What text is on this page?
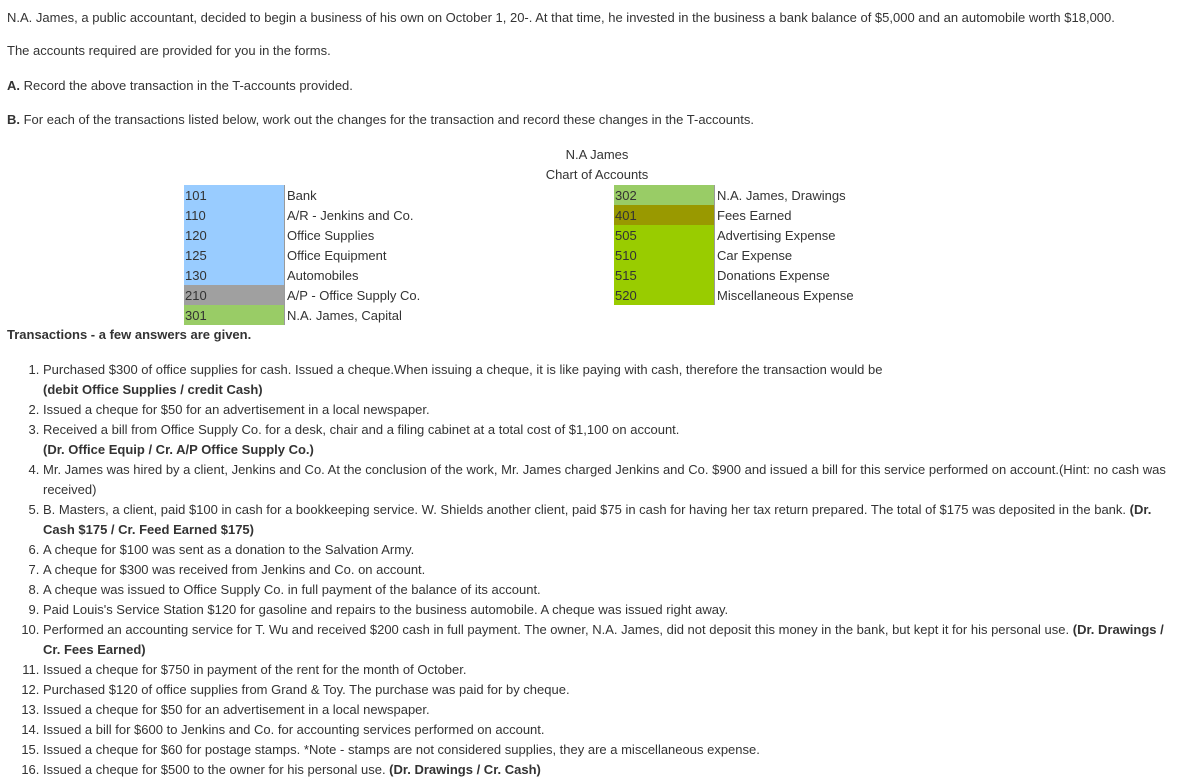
N.A. James, a public accountant, decided to begin a business of his own on October 1, 20-. At that time, he invested in the business a bank balance of $5,000 and an automobile worth $18,000.

The accounts required are provided for you in the forms.

A. Record the above transaction in the T-accounts provided.

B. For each of the transactions listed below, work out the changes for the transaction and record these changes in the T-accounts.

N.A James

Chart of Accounts

101	Bank
110	A/R - Jenkins and Co.
120	Office Supplies
125	Office Equipment
130	Automobiles
210	A/P - Office Supply Co.
301	N.A. James, Capital
302	N.A. James, Drawings
401	Fees Earned
505	Advertising Expense
510	Car Expense
515	Donations Expense
520	Miscellaneous Expense

Transactions - a few answers are given.

1. Purchased $300 of office supplies for cash. Issued a cheque.When issuing a cheque, it is like paying with cash, therefore the transaction would be
(debit Office Supplies / credit Cash)
2. Issued a cheque for $50 for an advertisement in a local newspaper.
3. Received a bill from Office Supply Co. for a desk, chair and a filing cabinet at a total cost of $1,100 on account.
(Dr. Office Equip / Cr. A/P Office Supply Co.)
4. Mr. James was hired by a client, Jenkins and Co. At the conclusion of the work, Mr. James charged Jenkins and Co. $900 and issued a bill for this service performed on account.(Hint: no cash was received)
5. B. Masters, a client, paid $100 in cash for a bookkeeping service. W. Shields another client, paid $75 in cash for having her tax return prepared. The total of $175 was deposited in the bank. (Dr. Cash $175 / Cr. Feed Earned $175)
6. A cheque for $100 was sent as a donation to the Salvation Army.
7. A cheque for $300 was received from Jenkins and Co. on account.
8. A cheque was issued to Office Supply Co. in full payment of the balance of its account.
9. Paid Louis's Service Station $120 for gasoline and repairs to the business automobile. A cheque was issued right away.
10. Performed an accounting service for T. Wu and received $200 cash in full payment. The owner, N.A. James, did not deposit this money in the bank, but kept it for his personal use. (Dr. Drawings / Cr. Fees Earned)
11. Issued a cheque for $750 in payment of the rent for the month of October.
12. Purchased $120 of office supplies from Grand & Toy. The purchase was paid for by cheque.
13. Issued a cheque for $50 for an advertisement in a local newspaper.
14. Issued a bill for $600 to Jenkins and Co. for accounting services performed on account.
15. Issued a cheque for $60 for postage stamps. *Note - stamps are not considered supplies, they are a miscellaneous expense.
16. Issued a cheque for $500 to the owner for his personal use. (Dr. Drawings / Cr. Cash)
